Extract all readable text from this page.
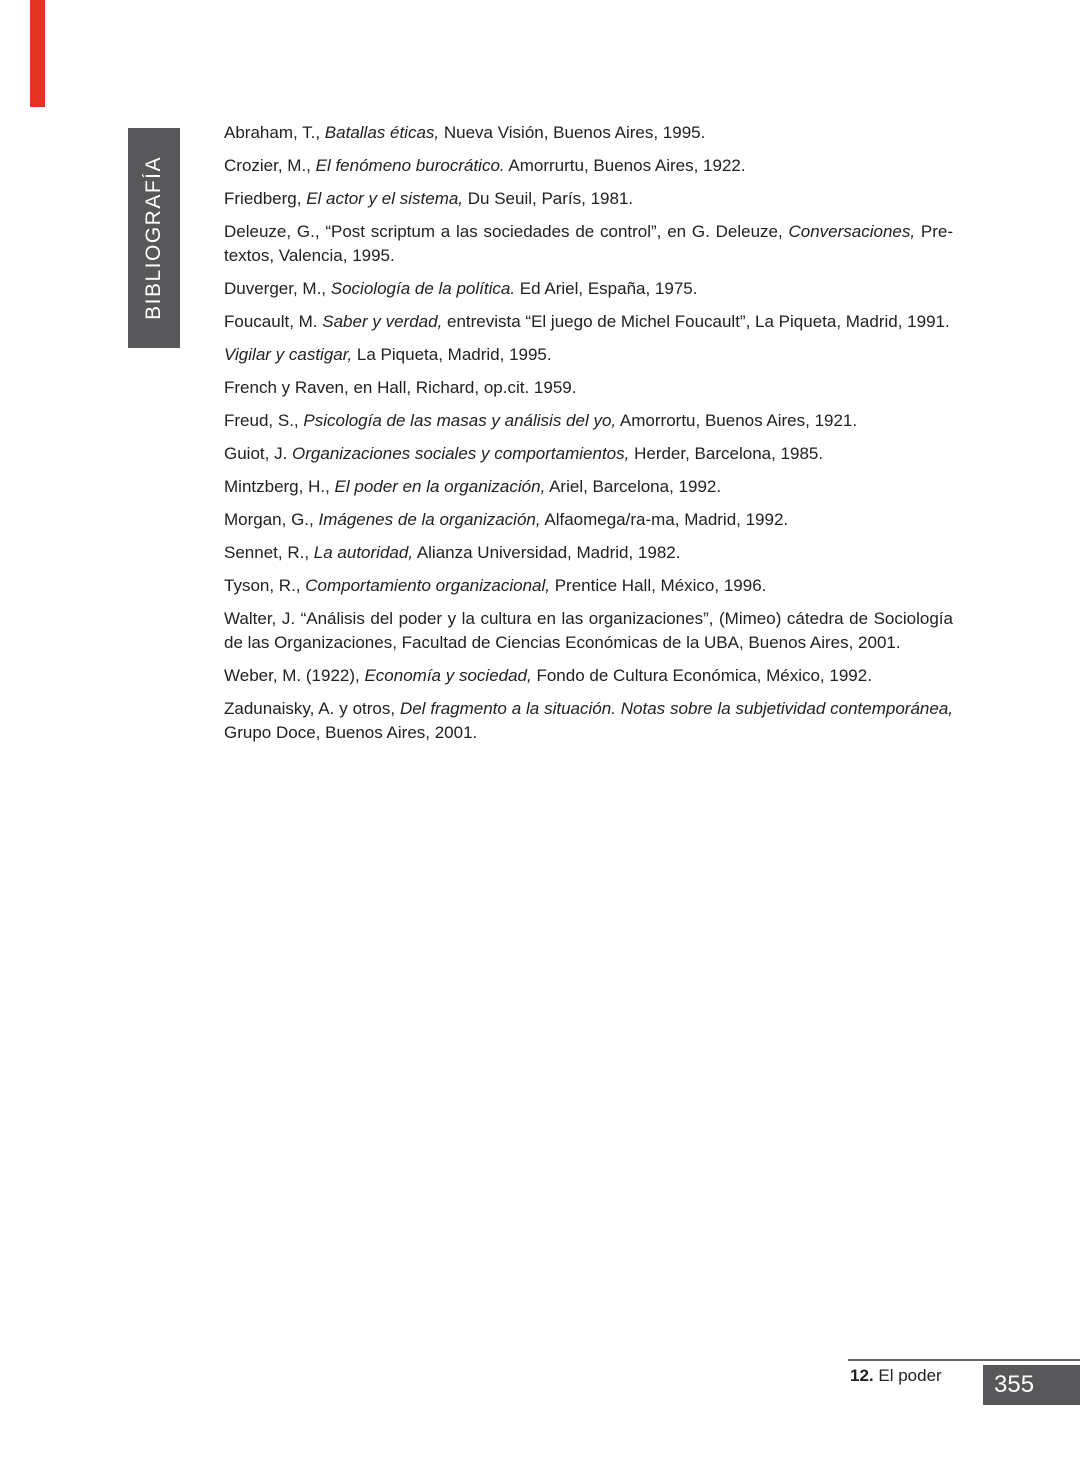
BIBLIOGRAFÍA

Abraham, T., Batallas éticas, Nueva Visión, Buenos Aires, 1995.

Crozier, M., El fenómeno burocrático. Amorrurtu, Buenos Aires, 1922.

Friedberg, El actor y el sistema, Du Seuil, París, 1981.

Deleuze, G., “Post scriptum a las sociedades de control”, en G. Deleuze, Conversaciones, Pre-textos, Valencia, 1995.

Duverger, M., Sociología de la política. Ed Ariel, España, 1975.

Foucault, M. Saber y verdad, entrevista “El juego de Michel Foucault”, La Piqueta, Madrid, 1991.

Vigilar y castigar, La Piqueta, Madrid, 1995.

French y Raven, en Hall, Richard, op.cit. 1959.

Freud, S., Psicología de las masas y análisis del yo, Amorrortu, Buenos Aires, 1921.

Guiot, J. Organizaciones sociales y comportamientos, Herder, Barcelona, 1985.

Mintzberg, H., El poder en la organización, Ariel, Barcelona, 1992.

Morgan, G., Imágenes de la organización, Alfaomega/ra-ma, Madrid, 1992.

Sennet, R., La autoridad, Alianza Universidad, Madrid, 1982.

Tyson, R., Comportamiento organizacional, Prentice Hall, México, 1996.

Walter, J. “Análisis del poder y la cultura en las organizaciones”, (Mimeo) cátedra de Sociología de las Organizaciones, Facultad de Ciencias Económicas de la UBA, Buenos Aires, 2001.

Weber, M. (1922), Economía y sociedad, Fondo de Cultura Económica, México, 1992.

Zadunaisky, A. y otros, Del fragmento a la situación. Notas sobre la subjetividad contemporánea, Grupo Doce, Buenos Aires, 2001.

12. El poder 355
